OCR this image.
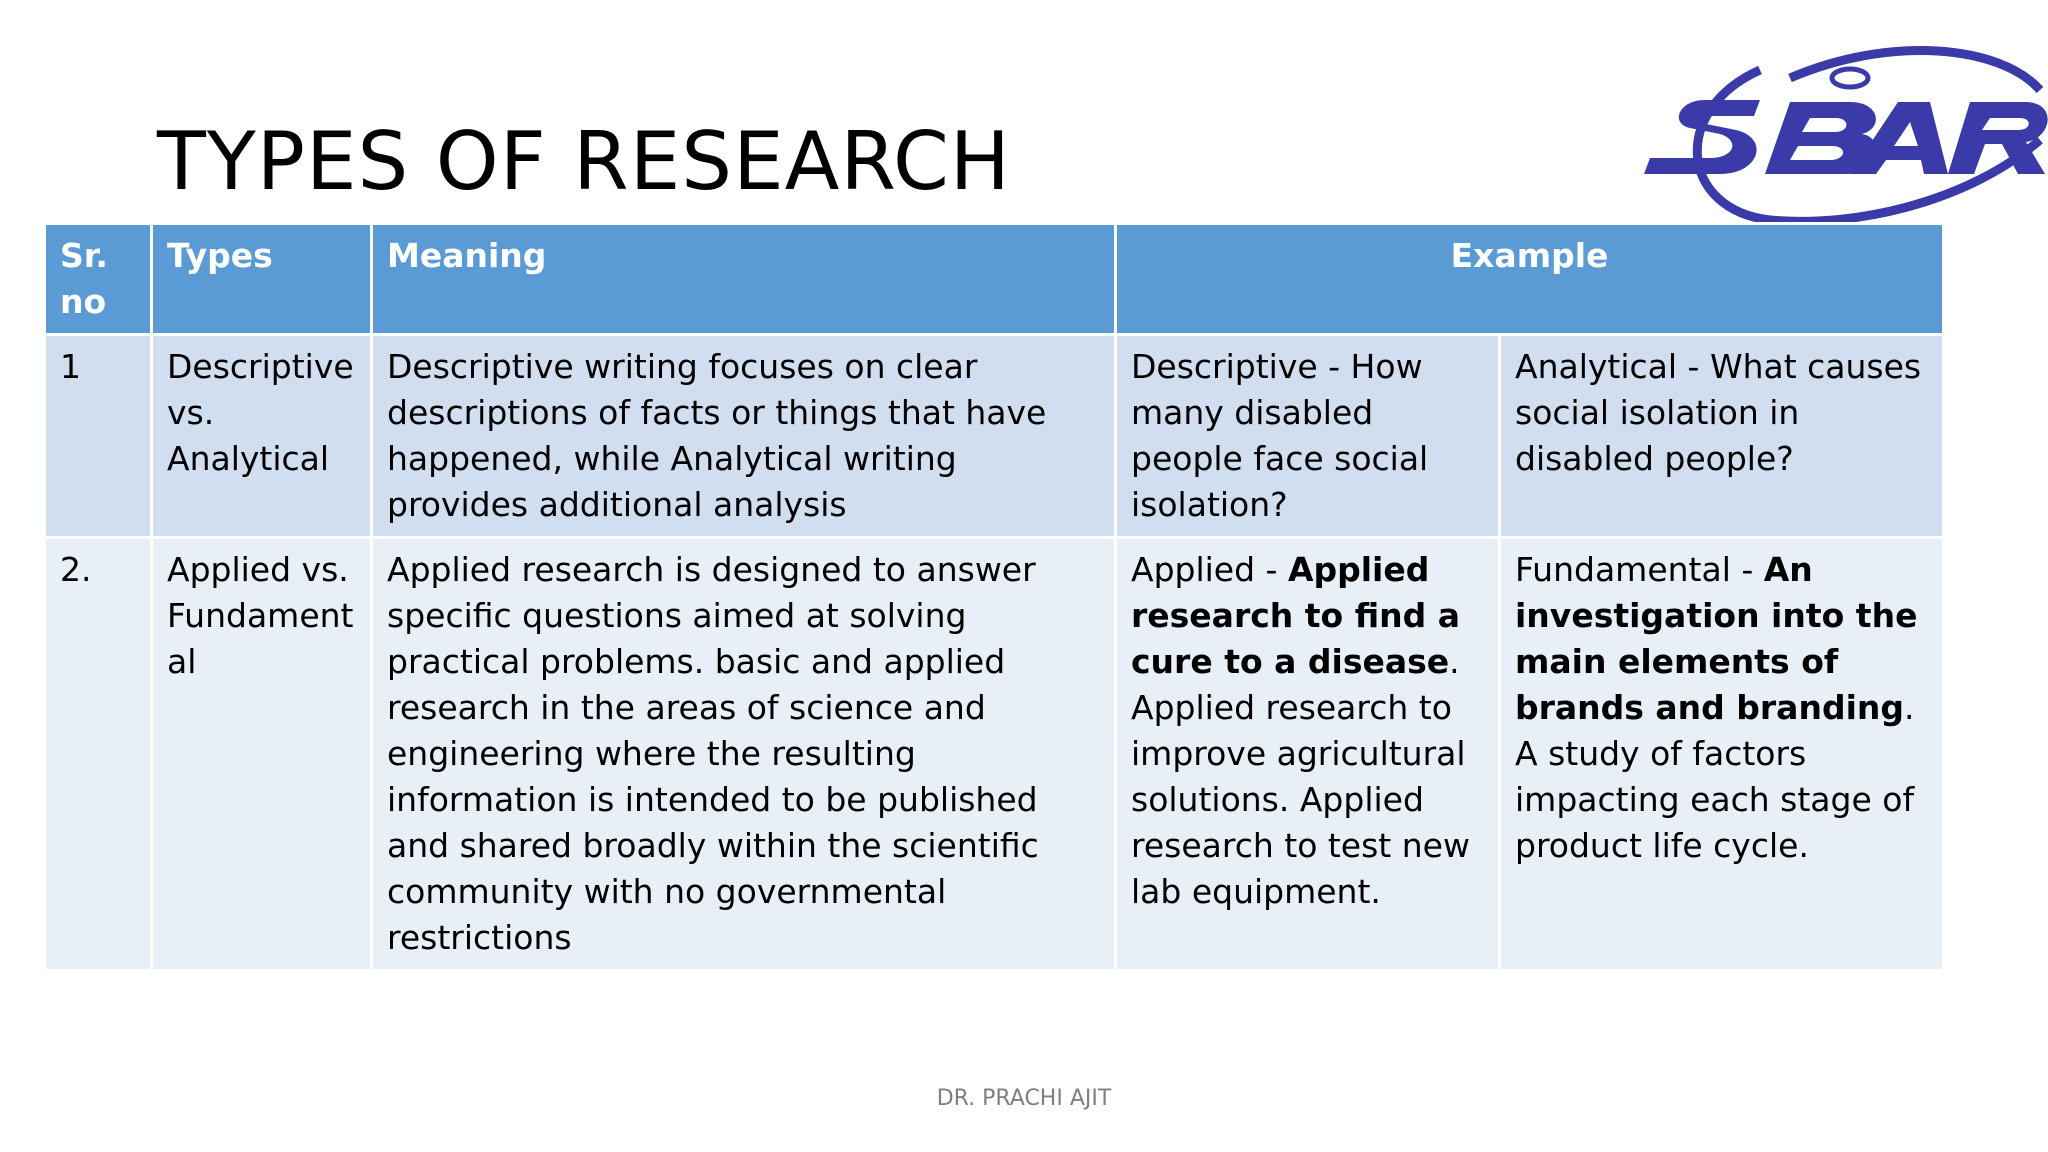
TYPES OF RESEARCH
Sr. no	Types	Meaning	Example	
1	Descriptive vs. Analytical	Descriptive writing focuses on clear descriptions of facts or things that have happened, while Analytical writing provides additional analysis	Descriptive - How many disabled people face social isolation?	Analytical - What causes social isolation in disabled people?
2.	Applied vs. Fundament al	Applied research is designed to answer specific questions aimed at solving practical problems. basic and applied research in the areas of science and engineering where the resulting information is intended to be published and shared broadly within the scientific community with no governmental restrictions	Applied - Applied research to find a cure to a disease. Applied research to improve agricultural solutions. Applied research to test new lab equipment.	Fundamental - An investigation into the main elements of brands and branding. A study of factors impacting each stage of product life cycle.
DR. PRACHI AJIT
